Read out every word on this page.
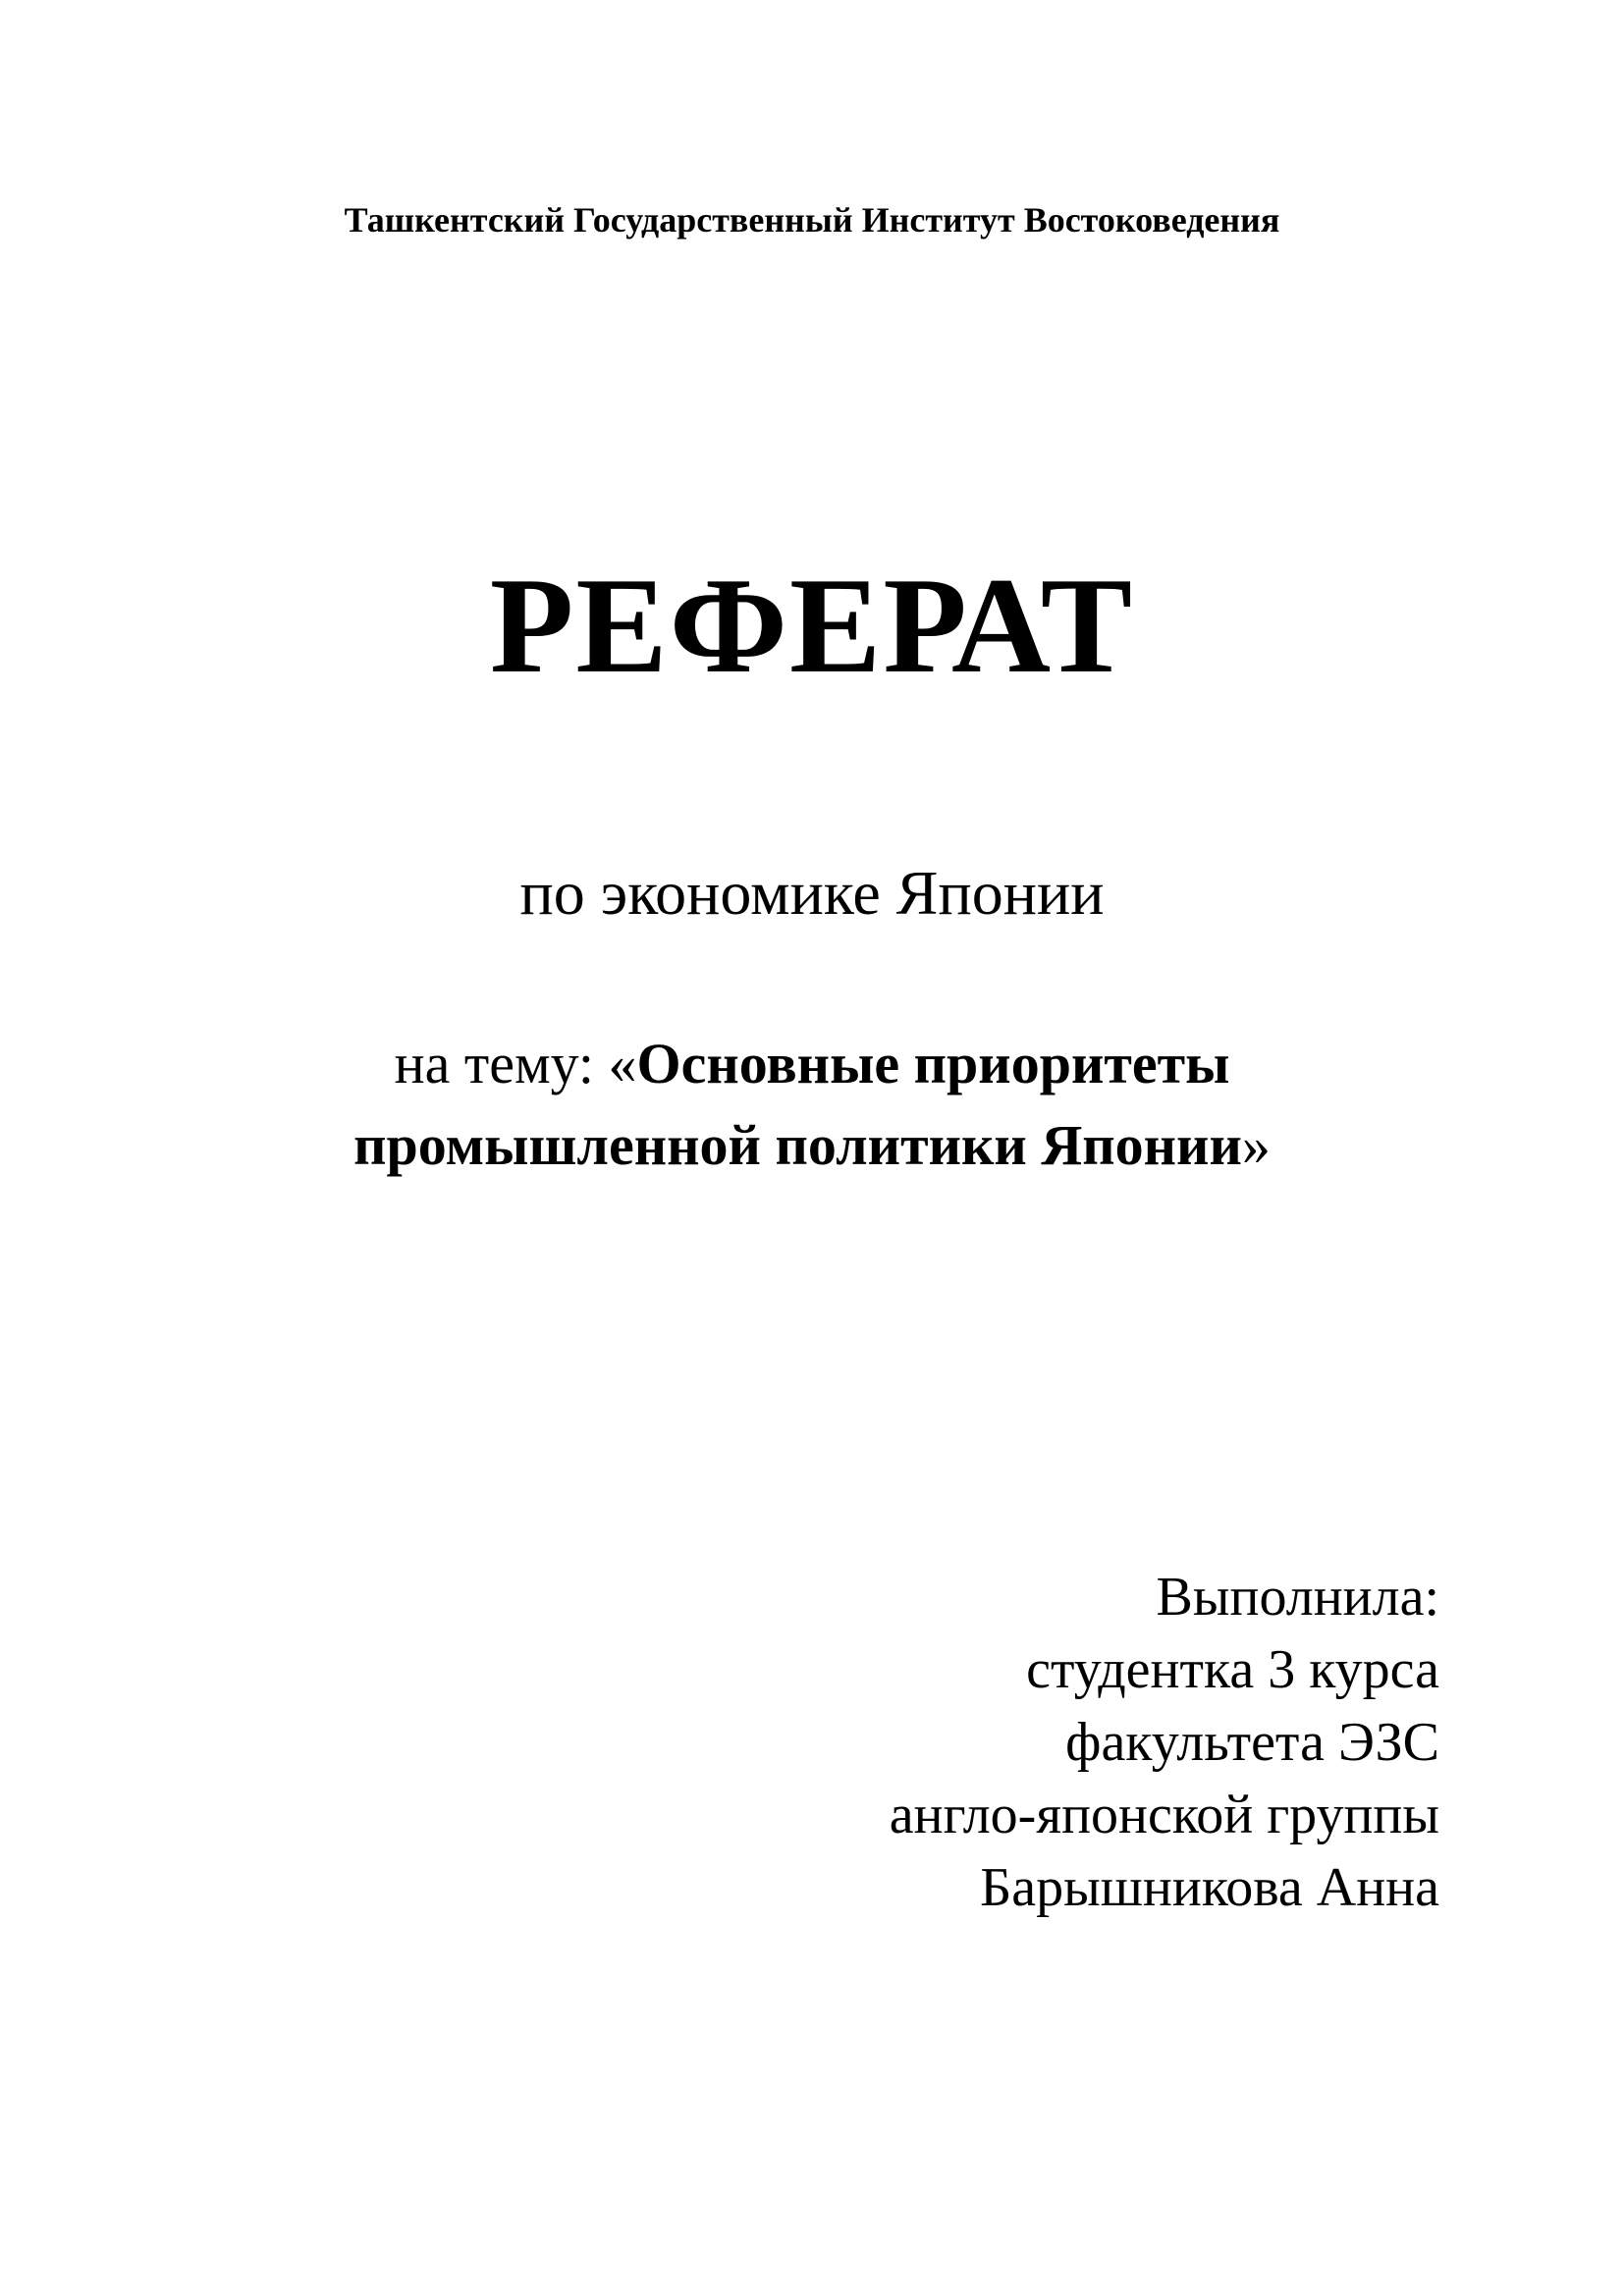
Ташкентский Государственный Институт Востоковедения
РЕФЕРАТ
по экономике Японии
на тему: «Основные приоритеты
промышленной политики Японии»
Выполнила:
студентка 3 курса
факультета ЭЗС
англо-японской группы
Барышникова Анна
